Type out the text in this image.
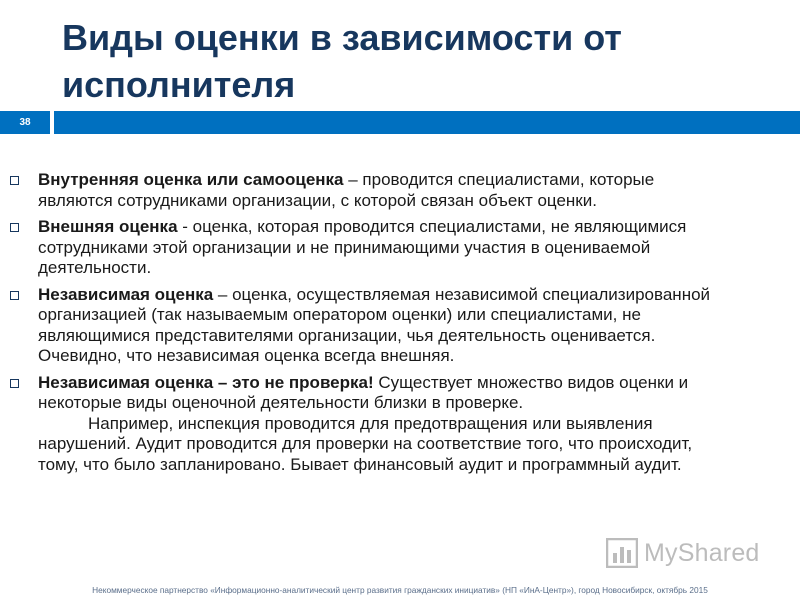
Виды оценки в зависимости от исполнителя
38
Внутренняя оценка или самооценка – проводится специалистами, которые являются сотрудниками организации, с которой связан объект оценки.
Внешняя оценка - оценка, которая проводится специалистами, не являющимися сотрудниками этой организации и не принимающими участия в оцениваемой деятельности.
Независимая оценка – оценка, осуществляемая независимой специализированной организацией (так называемым оператором оценки) или специалистами, не являющимися представителями организации, чья деятельность оценивается. Очевидно, что независимая оценка всегда внешняя.
Независимая оценка – это не проверка! Существует множество видов оценки и некоторые виды оценочной деятельности близки в проверке.
Например, инспекция проводится для предотвращения или выявления нарушений. Аудит проводится для проверки на соответствие того, что происходит, тому, что было запланировано. Бывает финансовый аудит и программный аудит.
MyShared
Некоммерческое партнерство «Информационно-аналитический центр развития гражданских инициатив» (НП «ИнА-Центр»), город Новосибирск, октябрь 2015
